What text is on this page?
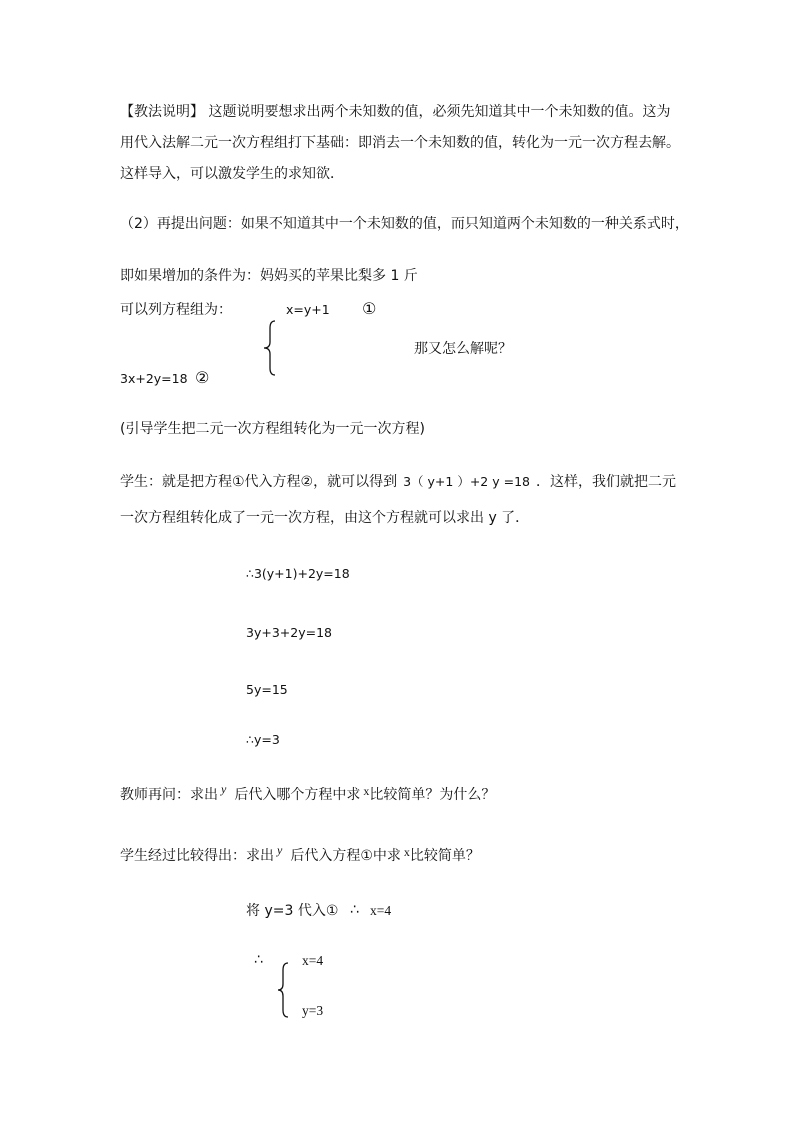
【教法说明】 这题说明要想求出两个未知数的值，必须先知道其中一个未知数的值。这为
用代入法解二元一次方程组打下基础：即消去一个未知数的值，转化为一元一次方程去解。
这样导入，可以激发学生的求知欲．
（2）再提出问题：如果不知道其中一个未知数的值，而只知道两个未知数的一种关系式时，
即如果增加的条件为：妈妈买的苹果比梨多 1 斤
可以列方程组为：	x=y+1 ①
那又怎么解呢？
3x+2y=18 ②
(引导学生把二元一次方程组转化为一元一次方程)
学生：就是把方程①代入方程②，就可以得到 3（ y+1 ）+2 y =18 ．这样，我们就把二元
一次方程组转化成了一元一次方程，由这个方程就可以求出 y 了．
∴3(y+1)+2y=18
3y+3+2y=18
5y=15
∴y=3
教师再问：求出 y 后代入哪个方程中求 x比较简单？为什么？
学生经过比较得出：求出 y 后代入方程①中求 x比较简单？
将 y=3 代入① ∴ x=4
∴	x=4
y=3
